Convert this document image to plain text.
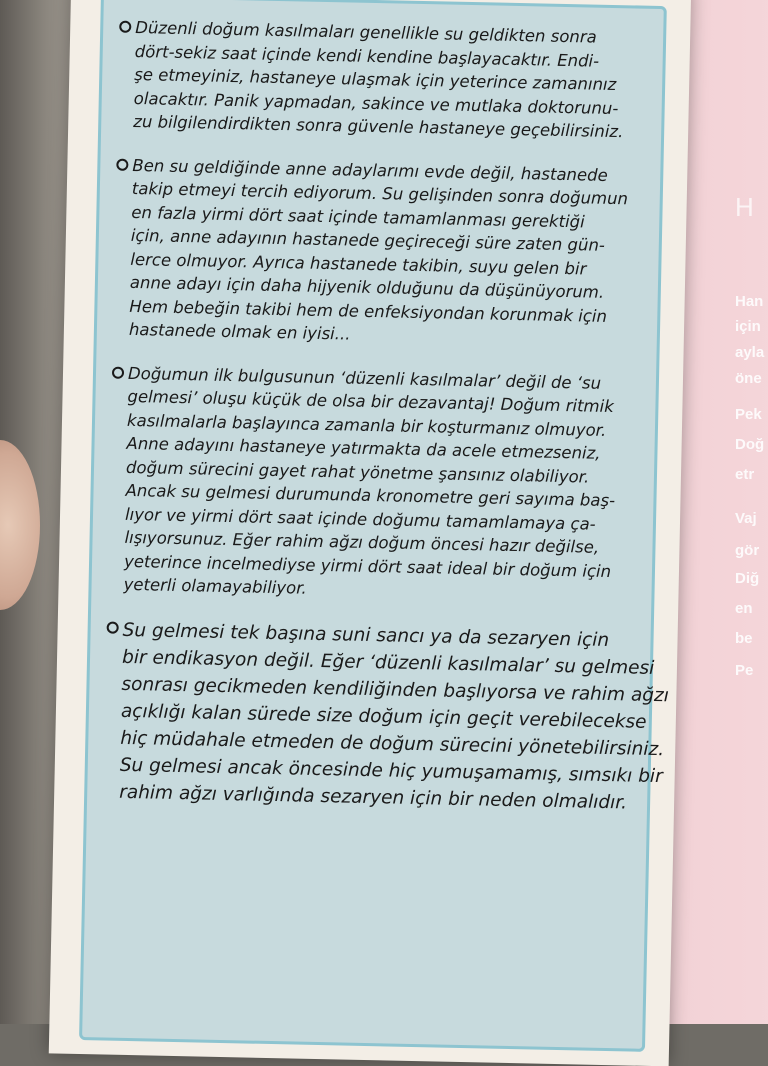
H
Han
için
ayla
öne
Pek
Doğ
etr
Vaj
gör
Diğ
en
be
Pe
Düzenli doğum kasılmaları genellikle su geldikten sonra
dört-sekiz saat içinde kendi kendine başlayacaktır. Endi-
şe etmeyiniz, hastaneye ulaşmak için yeterince zamanınız
olacaktır. Panik yapmadan, sakince ve mutlaka doktorunu-
zu bilgilendirdikten sonra güvenle hastaneye geçebilirsiniz.
Ben su geldiğinde anne adaylarımı evde değil, hastanede
takip etmeyi tercih ediyorum. Su gelişinden sonra doğumun
en fazla yirmi dört saat içinde tamamlanması gerektiği
için, anne adayının hastanede geçireceği süre zaten gün-
lerce olmuyor. Ayrıca hastanede takibin, suyu gelen bir
anne adayı için daha hijyenik olduğunu da düşünüyorum.
Hem bebeğin takibi hem de enfeksiyondan korunmak için
hastanede olmak en iyisi...
Doğumun ilk bulgusunun ‘düzenli kasılmalar’ değil de ‘su
gelmesi’ oluşu küçük de olsa bir dezavantaj! Doğum ritmik
kasılmalarla başlayınca zamanla bir koşturmanız olmuyor.
Anne adayını hastaneye yatırmakta da acele etmezseniz,
doğum sürecini gayet rahat yönetme şansınız olabiliyor.
Ancak su gelmesi durumunda kronometre geri sayıma baş-
lıyor ve yirmi dört saat içinde doğumu tamamlamaya ça-
lışıyorsunuz. Eğer rahim ağzı doğum öncesi hazır değilse,
yeterince incelmediyse yirmi dört saat ideal bir doğum için
yeterli olamayabiliyor.
Su gelmesi tek başına suni sancı ya da sezaryen için
bir endikasyon değil. Eğer ‘düzenli kasılmalar’ su gelmesi
sonrası gecikmeden kendiliğinden başlıyorsa ve rahim ağzı
açıklığı kalan sürede size doğum için geçit verebilecekse
hiç müdahale etmeden de doğum sürecini yönetebilirsiniz.
Su gelmesi ancak öncesinde hiç yumuşamamış, sımsıkı bir
rahim ağzı varlığında sezaryen için bir neden olmalıdır.
